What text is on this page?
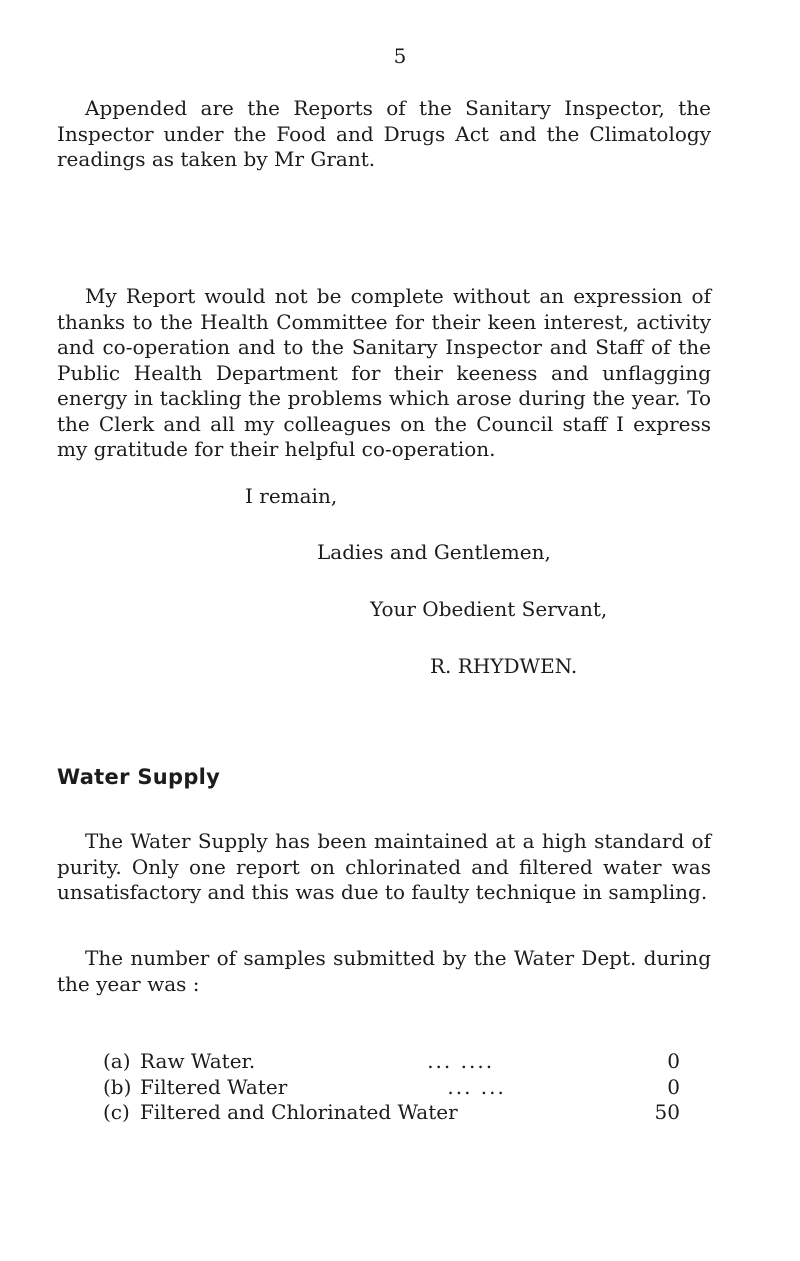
5

Appended are the Reports of the Sanitary Inspector, the Inspector under the Food and Drugs Act and the Climatology readings as taken by Mr Grant.

My Report would not be complete without an expression of thanks to the Health Committee for their keen interest, activity and co-operation and to the Sanitary Inspector and Staff of the Public Health Department for their keeness and unflagging energy in tackling the problems which arose during the year. To the Clerk and all my colleagues on the Council staff I express my gratitude for their helpful co-operation.

I remain,
Ladies and Gentlemen,
Your Obedient Servant,
R. RHYDWEN.
Water Supply

The Water Supply has been maintained at a high standard of purity. Only one report on chlorinated and filtered water was unsatisfactory and this was due to faulty technique in sampling.

The number of samples submitted by the Water Dept. during the year was :

(a) Raw Water.	... ....	0
(b) Filtered Water	... ...	0
(c) Filtered and Chlorinated Water	50
